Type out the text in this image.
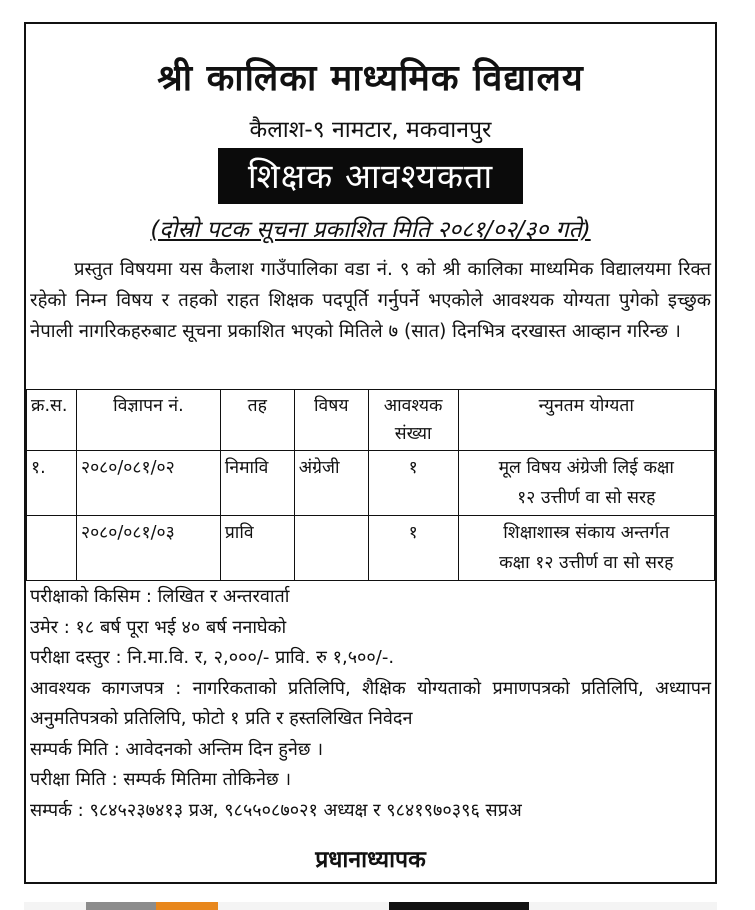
श्री कालिका माध्यमिक विद्यालय
कैलाश-९ नामटार, मकवानपुर
शिक्षक आवश्यकता
(दोस्रो पटक सूचना प्रकाशित मिति २०८१/०२/३० गते)

प्रस्तुत विषयमा यस कैलाश गाउँपालिका वडा नं. ९ को श्री कालिका माध्यमिक विद्यालयमा रिक्त रहेको निम्न विषय र तहको राहत शिक्षक पदपूर्ति गर्नुपर्ने भएकोले आवश्यक योग्यता पुगेको इच्छुक नेपाली नागरिकहरुबाट सूचना प्रकाशित भएको मितिले ७ (सात) दिनभित्र दरखास्त आव्हान गरिन्छ ।

क्र.स.	विज्ञापन नं.	तह	विषय	आवश्यक संख्या	न्युनतम योग्यता
१.	२०८०/०८१/०२	निमावि	अंग्रेजी	१	मूल विषय अंग्रेजी लिई कक्षा
१२ उत्तीर्ण वा सो सरह

	२०८०/०८१/०३	प्रावि		१	शिक्षाशास्त्र संकाय अन्तर्गत
कक्षा १२ उत्तीर्ण वा सो सरह
परीक्षाको किसिम : लिखित र अन्तरवार्ता
उमेर : १८ बर्ष पूरा भई ४० बर्ष ननाघेको
परीक्षा दस्तुर : नि.मा.वि. र, २,०००/- प्रावि. रु १,५००/-.
आवश्यक कागजपत्र : नागरिकताको प्रतिलिपि, शैक्षिक योग्यताको प्रमाणपत्रको प्रतिलिपि, अध्यापन अनुमतिपत्रको प्रतिलिपि, फोटो १ प्रति र हस्तलिखित निवेदन
सम्पर्क मिति : आवेदनको अन्तिम दिन हुनेछ ।
परीक्षा मिति : सम्पर्क मितिमा तोकिनेछ ।
सम्पर्क : ९८४५२३७४१३ प्रअ, ९८५५०८७०२१ अध्यक्ष र ९८४१९७०३९६ सप्रअ
प्रधानाध्यापक
